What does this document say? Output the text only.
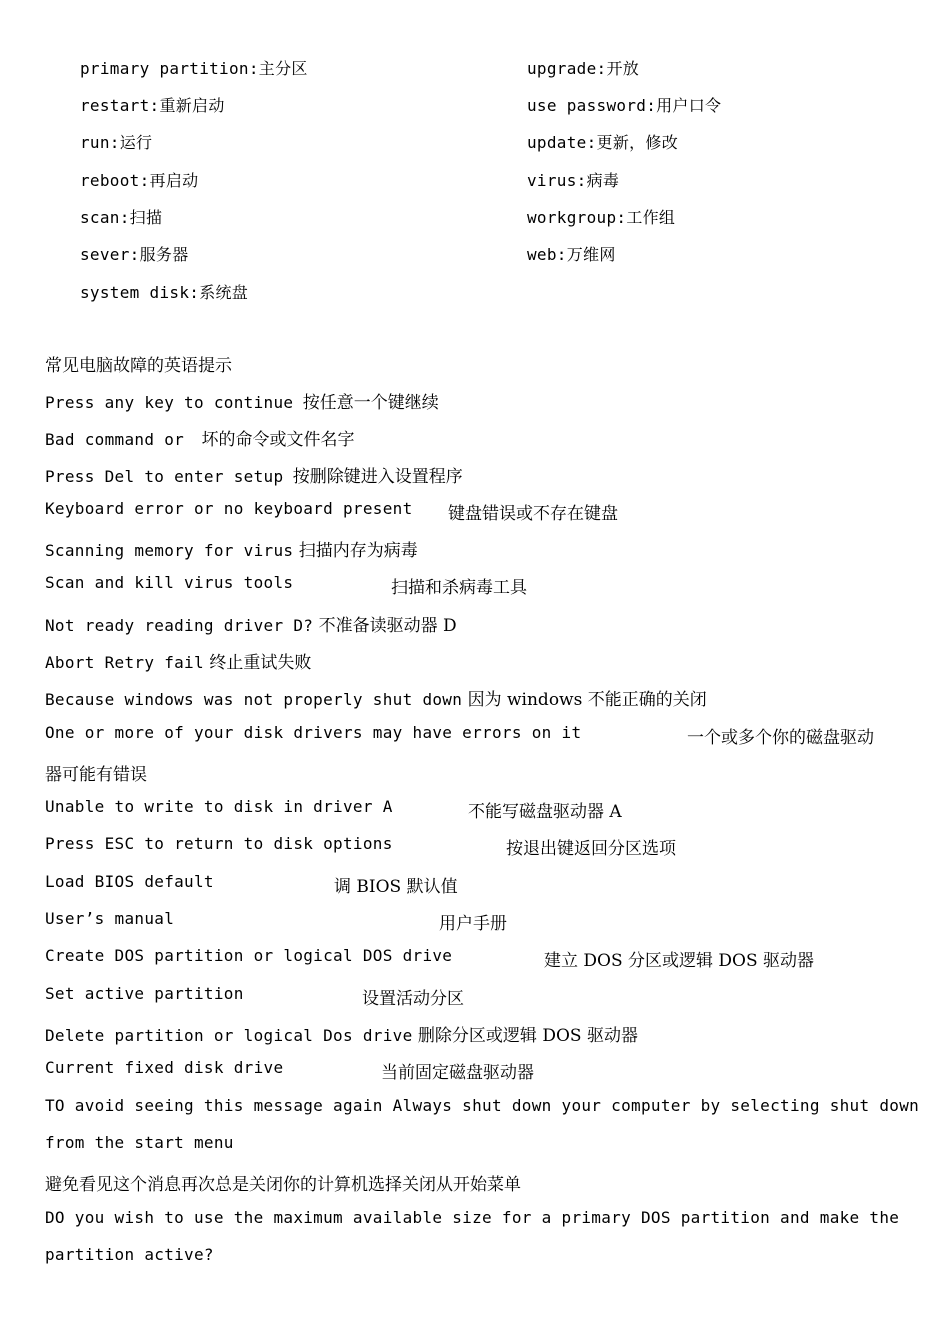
primary partition:主分区
restart:重新启动
run:运行
reboot:再启动
scan:扫描
sever:服务器
system disk:系统盘
upgrade:开放
use password:用户口令
update:更新，修改
virus:病毒
workgroup:工作组
web:万维网
常见电脑故障的英语提示
Press any key to continue 按任意一个键继续
Bad command or 坏的命令或文件名字
Press Del to enter setup 按删除键进入设置程序
Keyboard error or no keyboard present 键盘错误或不存在键盘
Scanning memory for virus 扫描内存为病毒
Scan and kill virus tools	扫描和杀病毒工具
Not ready reading driver D? 不准备读驱动器 D
Abort Retry fail 终止重试失败
Because windows was not properly shut down 因为 windows 不能正确的关闭
One or more of your disk drivers may have errors on it	一个或多个你的磁盘驱动
器可能有错误
Unable to write to disk in driver A	不能写磁盘驱动器 A
Press ESC to return to disk options	按退出键返回分区选项
Load BIOS default	调 BIOS 默认值
User’s manual	用户手册
Create DOS partition or logical DOS drive	建立 DOS 分区或逻辑 DOS 驱动器
Set active partition	设置活动分区
Delete partition or logical Dos drive 删除分区或逻辑 DOS 驱动器
Current fixed disk drive	当前固定磁盘驱动器
TO avoid seeing this message again Always shut down your computer by selecting shut down
from the start menu
避免看见这个消息再次总是关闭你的计算机选择关闭从开始菜单
DO you wish to use the maximum available size for a primary DOS partition and make the
partition active?
